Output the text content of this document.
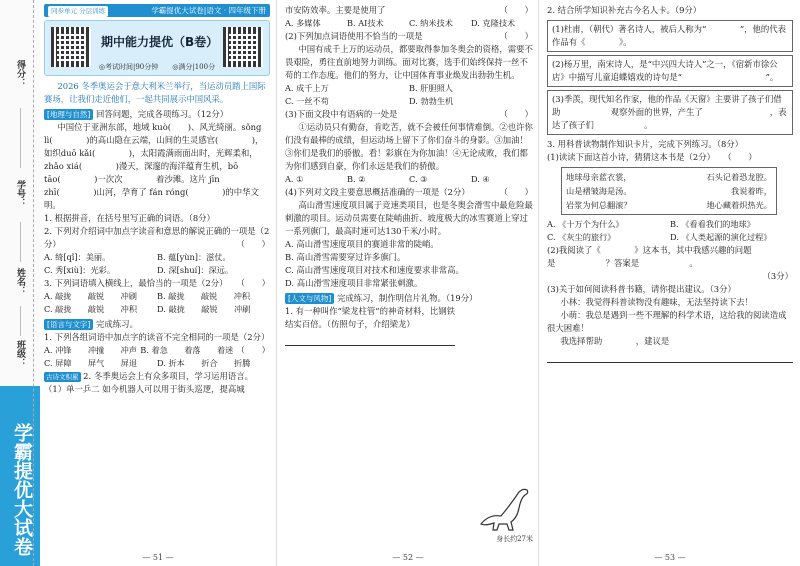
得分：
学号：
姓名：
班级：
学霸提优大试卷
同步单元 分层训练	学霸提优大试卷|语文 · 四年级下册
期中能力提优（B卷）
◎考试时间|90分钟　　◎满分|100分

2026 冬季奥运会于意大利米兰举行，当运动员踏上国际赛场，让我们走近他们，一起共同展示中国风采。

[地理与自然] 回答问题，完成各项练习。（12分）

中国位于亚洲东部，地域 kuò(　　)、风光绮丽。sǒng lì(　　　　)的高山隐在云端，山间的生灵感官(　　　　)，如织duō kǎi(　　　　)，太阳霞满雨面出时，光辉柔和，zhǎo xiá(　　　　)漫天，深邃的海洋蕴育生机，bō tāo(　　　　)一次次　　　　着沙滩。这片 jīn zhī(　　　　)山河，孕育了 fán róng(　　　　)的中华文明。

1. 根据拼音，在括号里写正确的词语。（8分）

2. 下列对介绍词中加点字读音和意思的解说正确的一项是（2分）	（　　）

A. 绮[qǐ]：美丽。	B. 蕴[yùn]：滋仗。
C. 秀[xiù]：光彩。	D. 深[shuí]：深远。

3. 下列词语填入横线上，最恰当的一项是（2分） （　　）

A. 敲拢　　敲锐　　冲刷	B. 敲拢　　敲锐　　冲积
C. 敲拢　　敲锐　　冲积	D. 敲拢　　敲锐　　冲刷
[语言与文字] 完成练习。

1. 下列各组词语中加点字的读音不完全相同的一项是（2分）
（　　）

A. 冲锋　　冲撞　　冲声 B. 着急　　着落　　着迷
C. 屏障　　屏气　　屏退	D. 折本　　折合　　折腾

古诗文积累 2. 冬季奥运会上有众多项目，学习运用语言。

（1）单一乒二 如今机器人可以用于街头巡逻，提高城

— 51 —

市安防效率。主要是使用了	（　　）

A. 多媒体	B. AI技术	C. 纳米技术	D. 克隆技术

(2)下列加点词语使用不恰当的一项是	（　　）

中国有成千上万的运动员，都要取得参加冬奥会的资格，需要不畏艰险，勇往直前地努力训练。面对比赛，选手们始终保持一丝不苟的工作态度。他们的努力，让中国体育事业焕发出勃勃生机。

A. 成千上万	B. 肝胆照人
C. 一丝不苟	D. 勃勃生机

(3)下面文段中有语病的一处是	（　　）

①运动员只有勤奋，肯吃苦，就不会被任何事情难倒。②也许你们没有最棒的成绩，但运动场上留下了你们奋斗的身影。③加油！③你们是我们的骄傲。看！彩旗在为你加油！④无论成败，我们都为你们感到自豪，你们永远是我们的骄傲。

A. ①	B. ②	C. ③	D. ④

(4)下列对文段主要意思概括准确的一项是（2分）	（　　）

高山滑雪速度项目属于竞速类项目，也是冬奥会滑雪中最危险最刺激的项目。运动员需要在陡峭曲折、坡度极大的冰雪赛道上穿过一系列旗门，最高时速可达130千米/小时。

A. 高山滑雪速度项目的赛道非常的陡峭。

B. 高山滑雪需要穿过许多旗门。

C. 高山滑雪速度项目对技术和速度要求非常高。

D. 高山滑雪速度项目非常紧张刺激。

[人文与风物] 完成练习，制作明信片礼物。（19分）

1. 有一种叫作“梁龙柱管”的神奇材料，比钢铁结实百倍。（仿照句子，介绍梁龙）

身长约27米
— 52 —

2. 结合所学知识补充古今名人卡。（9分）

(1)杜甫，（朝代）著名诗人，被后人称为“　　　　”，他的代表作品有《　　　　》。

(2)杨万里，南宋诗人，是“中兴四大诗人”之一，《宿新市徐公店》中描写儿童追蝶嬉戏的诗句是“　　　　　　　　　　”。

(3)季羡，现代知名作家，他的作品《天窗》主要讲了孩子们借助　　　　　　观察外面的世界，产生了　　　　　　　　，表达了孩子们　　　　　　。

3. 用科普读物制作知识卡片，完成下列练习。（8分）

(1)读读下面这首小诗，猜猜这本书是（2分）　　（　　）

地球母亲蓝衣裳，	石头记着恐龙腔。
山是褶皱海是汤。	我说着昨，
岩浆为何总翻滚？	地心藏着炽热光。
A. 《十万个为什么》	B. 《看看我们的地球》
C. 《灰尘的旅行》	D. 《人类起源的演化过程》

(2)我阅读了《　　　　》这本书，其中我感兴趣的问题是　　　　　　？答案是　　　　　　。

（3分）

(3)关于如何阅读科普书籍，请你提出建议。（3分）

小林：我觉得科普读物没有趣味，无法坚持读下去！

小萌：我总是遇到一些不理解的科学术语，这给我的阅读造成很大困难！

我选择帮助　　　　，建议是　　　　　　　　

— 53 —
